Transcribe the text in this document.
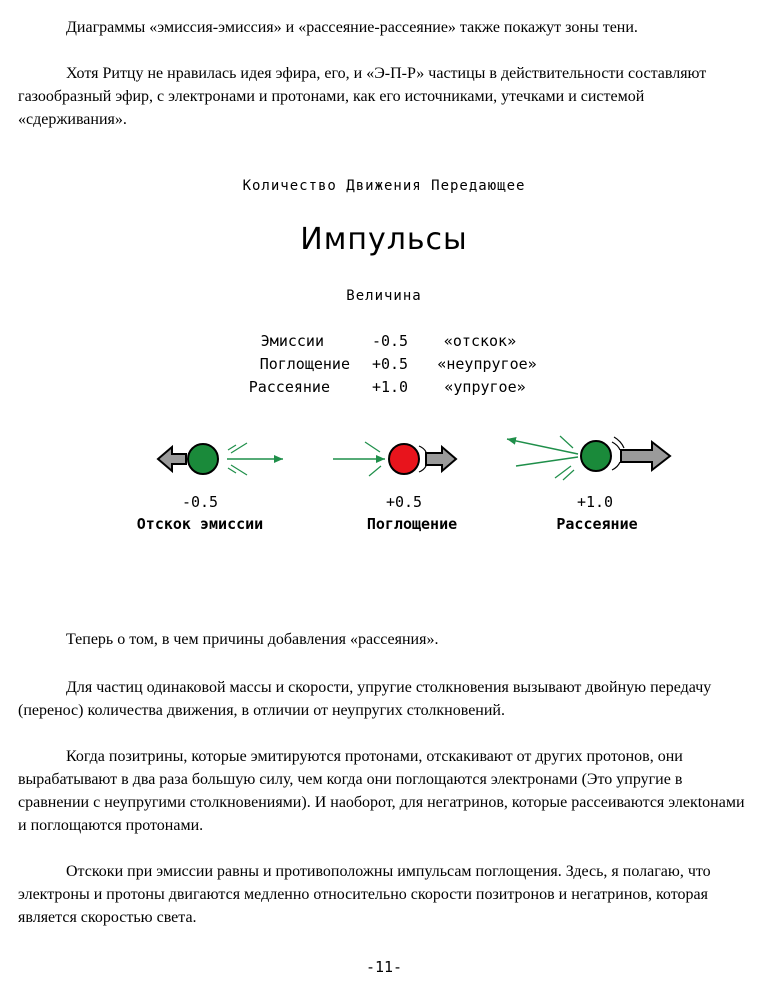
Диаграммы «эмиссия-эмиссия» и «рассеяние-рассеяние» также покажут зоны тени.

Хотя Ритцу не нравилась идея эфира, его, и «Э-П-Р» частицы в действительности составляют газообразный эфир, с электронами и протонами, как его источниками, утечками и системой «сдерживания».

Количество Движения Передающее
Импульсы
Величина
Эмиссии	-0.5	«отскок»
Поглощение	+0.5	«неупругое»
Рассеяние	+1.0	«упругое»
-0.5
Отскок эмиссии
+0.5
Поглощение
+1.0
Рассеяние

Теперь о том, в чем причины добавления «рассеяния».

Для частиц одинаковой массы и скорости, упругие столкновения вызывают двойную передачу (перенос) количества движения, в отличии от неупругих столкновений.

Когда позитрины, которые эмитируются протонами, отскакивают от других протонов, они вырабатывают в два раза большую силу, чем когда они поглощаются электронами (Это упругие в сравнении с неупругими столкновениями). И наоборот, для негатринов, которые рассеиваются элекtонами и поглощаются протонами.

Отскоки при эмиссии равны и противоположны импульсам поглощения. Здесь, я полагаю, что электроны и протоны двигаются медленно относительно скорости позитронов и негатринов, которая является скоростью света.

-11-
